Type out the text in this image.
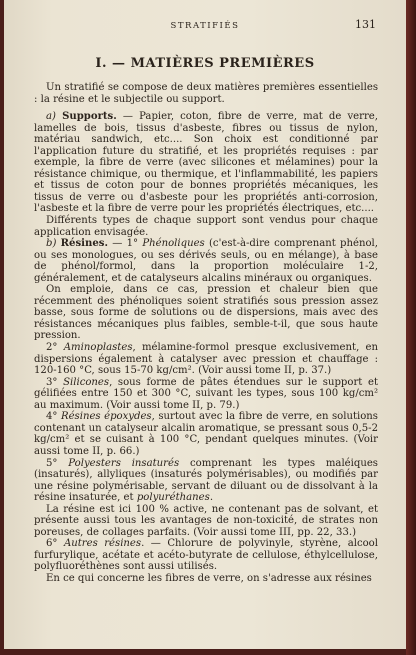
STRATIFIÉS	131
I. — MATIÈRES PREMIÈRES

Un stratifié se compose de deux matières premières essentielles : la résine et le subjectile ou support.

a) Supports. — Papier, coton, fibre de verre, mat de verre, lamelles de bois, tissus d'asbeste, fibres ou tissus de nylon, matériau sandwich, etc.... Son choix est conditionné par l'application future du stratifié, et les propriétés requises : par exemple, la fibre de verre (avec silicones et mélamines) pour la résistance chimique, ou thermique, et l'inflammabilité, les papiers et tissus de coton pour de bonnes propriétés mécaniques, les tissus de verre ou d'asbeste pour les propriétés anti-corrosion, l'asbeste et la fibre de verre pour les propriétés électriques, etc....

Différents types de chaque support sont vendus pour chaque application envisagée.

b) Résines. — 1° Phénoliques (c'est-à-dire comprenant phénol, ou ses monologues, ou ses dérivés seuls, ou en mélange), à base de phénol/formol, dans la proportion moléculaire 1-2, généralement, et de catalyseurs alcalins minéraux ou organiques.

On emploie, dans ce cas, pression et chaleur bien que récemment des phénoliques soient stratifiés sous pression assez basse, sous forme de solutions ou de dispersions, mais avec des résistances mécaniques plus faibles, semble-t-il, que sous haute pression.

2° Aminoplastes, mélamine-formol presque exclusivement, en dispersions également à catalyser avec pression et chauffage : 120-160 °C, sous 15-70 kg/cm². (Voir aussi tome II, p. 37.)

3° Silicones, sous forme de pâtes étendues sur le support et gélifiées entre 150 et 300 °C, suivant les types, sous 100 kg/cm² au maximum. (Voir aussi tome II, p. 79.)

4° Résines époxydes, surtout avec la fibre de verre, en solutions contenant un catalyseur alcalin aromatique, se pressant sous 0,5-2 kg/cm² et se cuisant à 100 °C, pendant quelques minutes. (Voir aussi tome II, p. 66.)

5° Polyesters insaturés comprenant les types maléiques (insaturés), allyliques (insaturés polymérisables), ou modifiés par une résine polymérisable, servant de diluant ou de dissolvant à la résine insaturée, et polyuréthanes.

La résine est ici 100 % active, ne contenant pas de solvant, et présente aussi tous les avantages de non-toxicité, de strates non poreuses, de collages parfaits. (Voir aussi tome III, pp. 22, 33.)

6° Autres résines. — Chlorure de polyvinyle, styrène, alcool furfurylique, acétate et acéto-butyrate de cellulose, éthylcellulose, polyfluoréthènes sont aussi utilisés.

En ce qui concerne les fibres de verre, on s'adresse aux résines
